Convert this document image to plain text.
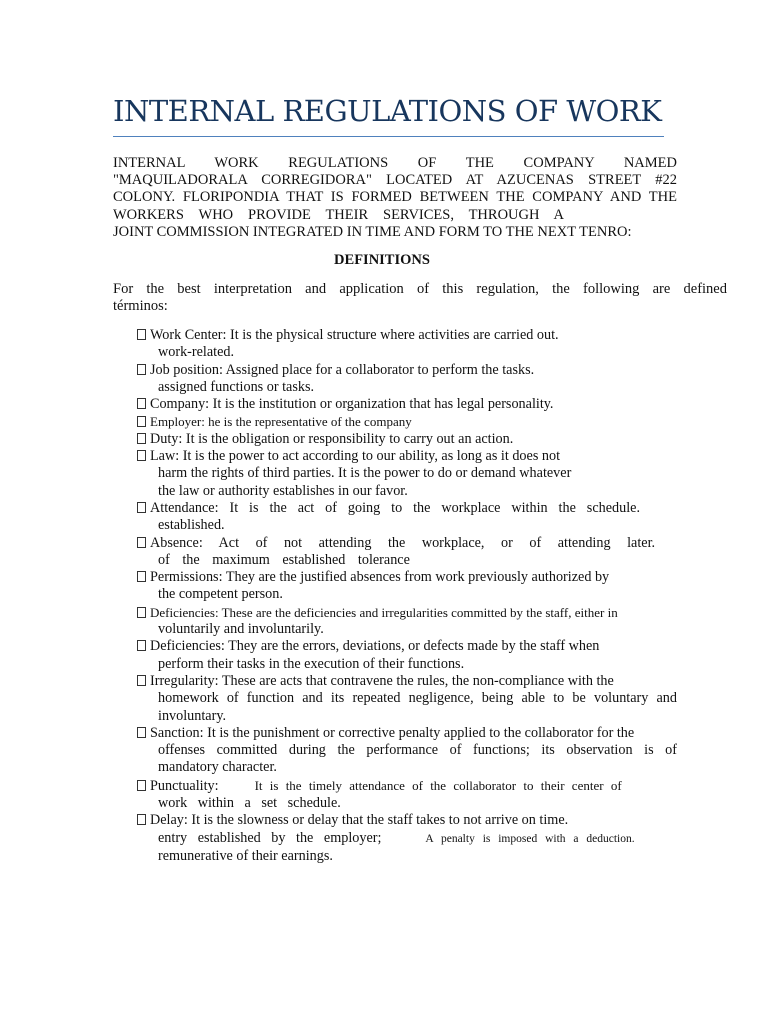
INTERNAL REGULATIONS OF WORK
INTERNAL WORK REGULATIONS OF THE COMPANY NAMED
"MAQUILADORALA CORREGIDORA" LOCATED AT AZUCENAS STREET #22
COLONY. FLORIPONDIA THAT IS FORMED BETWEEN THE COMPANY AND THE
WORKERS WHO PROVIDE THEIR SERVICES, THROUGH A
JOINT COMMISSION INTEGRATED IN TIME AND FORM TO THE NEXT TENRO:
DEFINITIONS
For the best interpretation and application of this regulation, the following are defined
términos:
Work Center: It is the physical structure where activities are carried out.
work-related.
Job position: Assigned place for a collaborator to perform the tasks.
assigned functions or tasks.
Company: It is the institution or organization that has legal personality.
Employer: he is the representative of the company
Duty: It is the obligation or responsibility to carry out an action.
Law: It is the power to act according to our ability, as long as it does not
harm the rights of third parties. It is the power to do or demand whatever
the law or authority establishes in our favor.
Attendance: It is the act of going to the workplace within the schedule.
established.
Absence: Act of not attending the workplace, or of attending later.
of the maximum established tolerance
Permissions: They are the justified absences from work previously authorized by
the competent person.
Deficiencies: These are the deficiencies and irregularities committed by the staff, either in
voluntarily and involuntarily.
Deficiencies: They are the errors, deviations, or defects made by the staff when
perform their tasks in the execution of their functions.
Irregularity: These are acts that contravene the rules, the non-compliance with the
homework of function and its repeated negligence, being able to be voluntary and
involuntary.
Sanction: It is the punishment or corrective penalty applied to the collaborator for the
offenses committed during the performance of functions; its observation is of
mandatory character.
Punctuality:	It is the timely attendance of the collaborator to their center of
work within a set schedule.
Delay: It is the slowness or delay that the staff takes to not arrive on time.
entry established by the employer;	A penalty is imposed with a deduction.
remunerative of their earnings.
